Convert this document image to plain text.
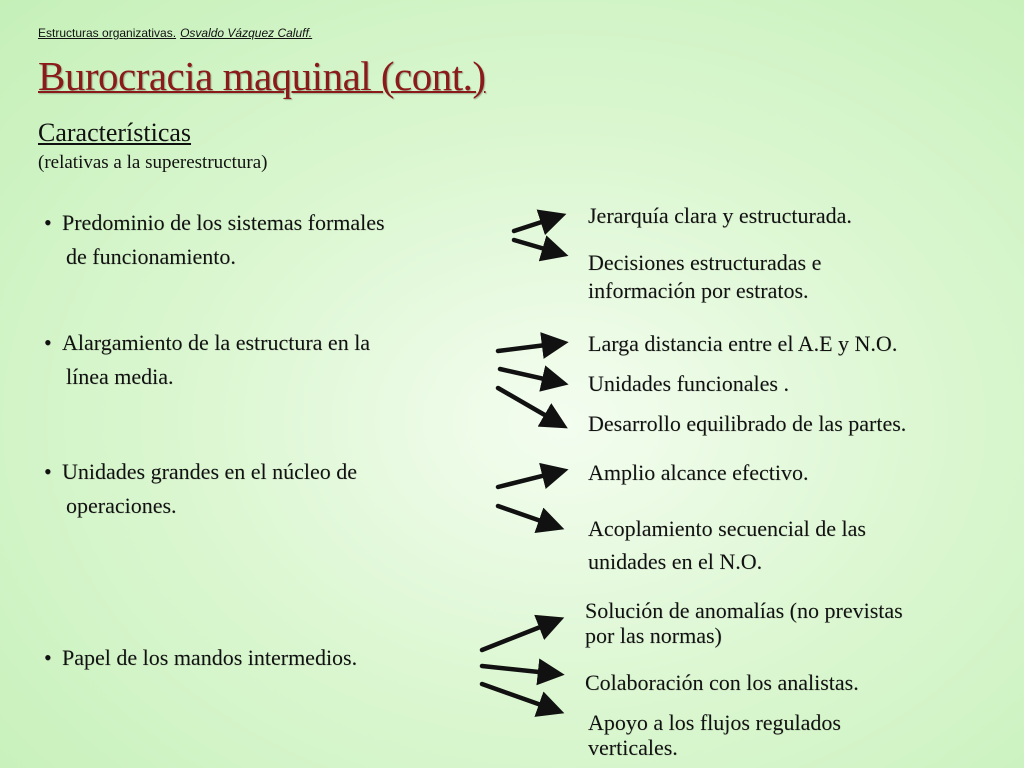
Estructuras organizativas. Osvaldo Vázquez Caluff.
Burocracia maquinal (cont.)
Características
(relativas a la superestructura)
• Predominio de los sistemas formales
de funcionamiento.
Jerarquía clara y estructurada.
Decisiones estructuradas e
información por estratos.
• Alargamiento de la estructura en la
línea media.
Larga distancia entre el A.E y N.O.
Unidades funcionales .
Desarrollo equilibrado de las partes.
• Unidades grandes en el núcleo de
operaciones.
Amplio alcance efectivo.
Acoplamiento secuencial de las
unidades en el N.O.
• Papel de los mandos intermedios.
Solución de anomalías (no previstas
por las normas)
Colaboración con los analistas.
Apoyo a los flujos regulados
verticales.
